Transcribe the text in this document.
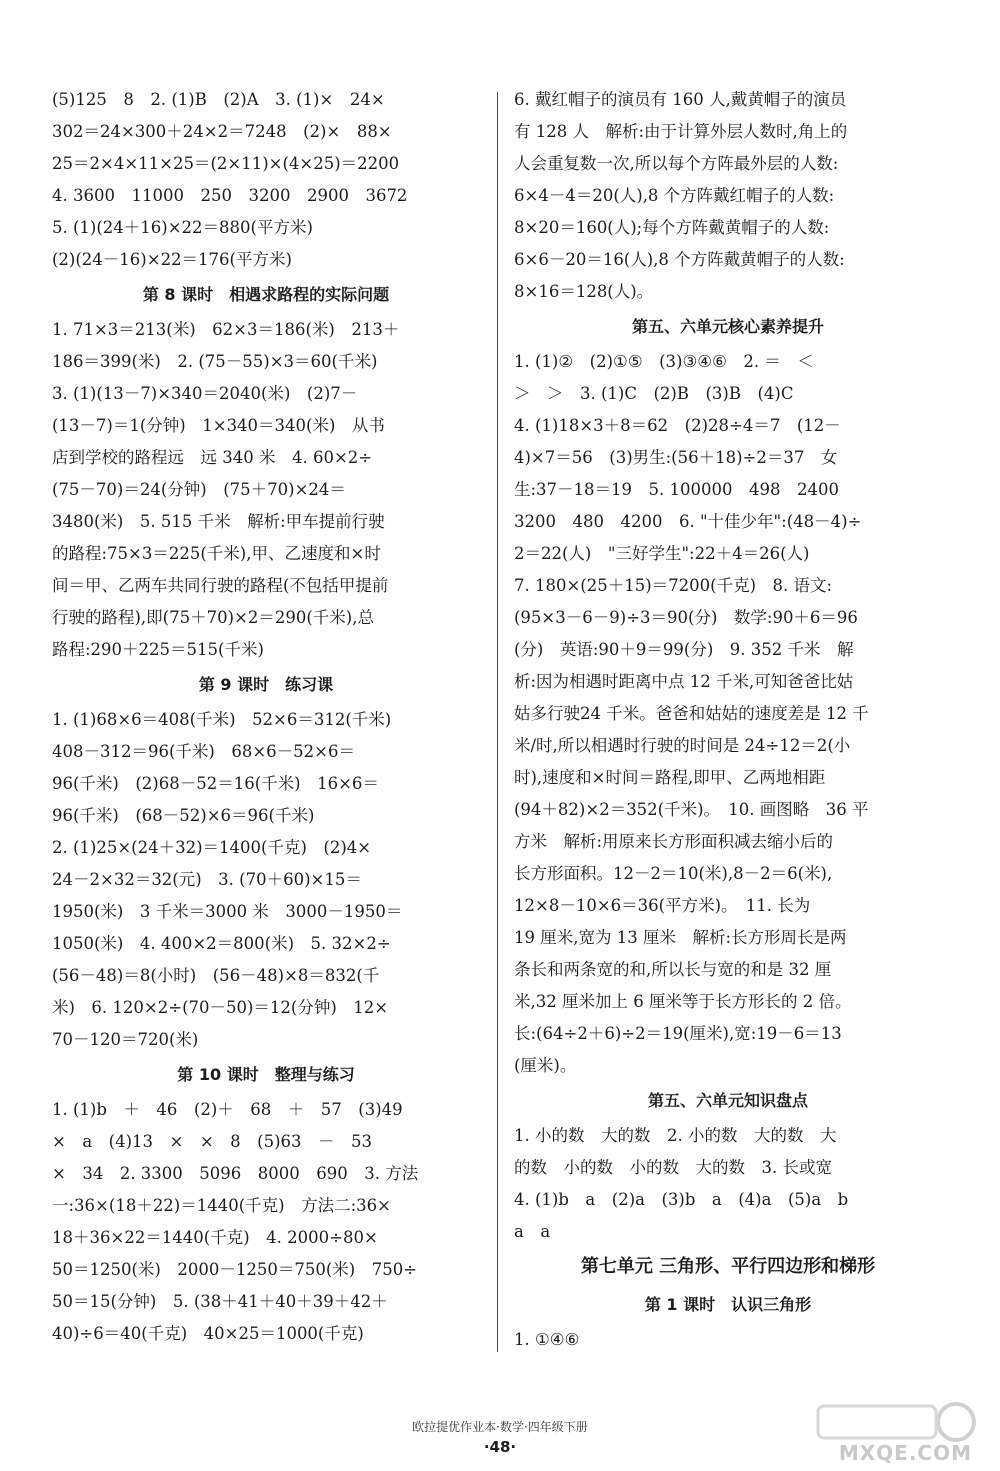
(5)125　8　2. (1)B　(2)A　3. (1)×　24×
302＝24×300＋24×2＝7248　(2)×　88×
25＝2×4×11×25＝(2×11)×(4×25)＝2200
4. 3600　11000　250　3200　2900　3672
5. (1)(24＋16)×22＝880(平方米)
(2)(24－16)×22＝176(平方米)
第 8 课时　相遇求路程的实际问题
1. 71×3＝213(米)　62×3＝186(米)　213＋
186＝399(米)　2. (75－55)×3＝60(千米)
3. (1)(13－7)×340＝2040(米)　(2)7－
(13－7)＝1(分钟)　1×340＝340(米)　从书
店到学校的路程远　远 340 米　4. 60×2÷
(75－70)＝24(分钟)　(75＋70)×24＝
3480(米)　5. 515 千米　解析:甲车提前行驶
的路程:75×3＝225(千米),甲、乙速度和×时
间＝甲、乙两车共同行驶的路程(不包括甲提前
行驶的路程),即(75＋70)×2＝290(千米),总
路程:290＋225＝515(千米)
第 9 课时　练习课
1. (1)68×6＝408(千米)　52×6＝312(千米)
408－312＝96(千米)　68×6－52×6＝
96(千米)　(2)68－52＝16(千米)　16×6＝
96(千米)　(68－52)×6＝96(千米)
2. (1)25×(24＋32)＝1400(千克)　(2)4×
24－2×32＝32(元)　3. (70＋60)×15＝
1950(米)　3 千米＝3000 米　3000－1950＝
1050(米)　4. 400×2＝800(米)　5. 32×2÷
(56－48)＝8(小时)　(56－48)×8＝832(千
米)　6. 120×2÷(70－50)＝12(分钟)　12×
70－120＝720(米)
第 10 课时　整理与练习
1. (1)b　＋　46　(2)＋　68　＋　57　(3)49
×　a　(4)13　×　×　8　(5)63　－　53
×　34　2. 3300　5096　8000　690　3. 方法
一:36×(18＋22)＝1440(千克)　方法二:36×
18＋36×22＝1440(千克)　4. 2000÷80×
50＝1250(米)　2000－1250＝750(米)　750÷
50＝15(分钟)　5. (38＋41＋40＋39＋42＋
40)÷6＝40(千克)　40×25＝1000(千克)
6. 戴红帽子的演员有 160 人,戴黄帽子的演员
有 128 人　解析:由于计算外层人数时,角上的
人会重复数一次,所以每个方阵最外层的人数:
6×4－4＝20(人),8 个方阵戴红帽子的人数:
8×20＝160(人);每个方阵戴黄帽子的人数:
6×6－20＝16(人),8 个方阵戴黄帽子的人数:
8×16＝128(人)。
第五、六单元核心素养提升
1. (1)②　(2)①⑤　(3)③④⑥　2. ＝　＜
＞　＞　3. (1)C　(2)B　(3)B　(4)C
4. (1)18×3＋8＝62　(2)28÷4＝7　(12－
4)×7＝56　(3)男生:(56＋18)÷2＝37　女
生:37－18＝19　5. 100000　498　2400
3200　480　4200　6. "十佳少年":(48－4)÷
2＝22(人)　"三好学生":22＋4＝26(人)
7. 180×(25＋15)＝7200(千克)　8. 语文:
(95×3－6－9)÷3＝90(分)　数学:90＋6＝96
(分)　英语:90＋9＝99(分)　9. 352 千米　解
析:因为相遇时距离中点 12 千米,可知爸爸比姑
姑多行驶24 千米。爸爸和姑姑的速度差是 12 千
米/时,所以相遇时行驶的时间是 24÷12＝2(小
时),速度和×时间＝路程,即甲、乙两地相距
(94＋82)×2＝352(千米)。　10. 画图略　36 平
方米　解析:用原来长方形面积减去缩小后的
长方形面积。12－2＝10(米),8－2＝6(米),
12×8－10×6＝36(平方米)。　11. 长为
19 厘米,宽为 13 厘米　解析:长方形周长是两
条长和两条宽的和,所以长与宽的和是 32 厘
米,32 厘米加上 6 厘米等于长方形长的 2 倍。
长:(64÷2＋6)÷2＝19(厘米),宽:19－6＝13
(厘米)。
第五、六单元知识盘点
1. 小的数　大的数　2. 小的数　大的数　大
的数　小的数　小的数　大的数　3. 长或宽
4. (1)b　a　(2)a　(3)b　a　(4)a　(5)a　b
a　a
第七单元 三角形、平行四边形和梯形
第 1 课时　认识三角形
1. ①④⑥
欧拉提优作业本·数学·四年级下册
·48·	MXQE.COM
